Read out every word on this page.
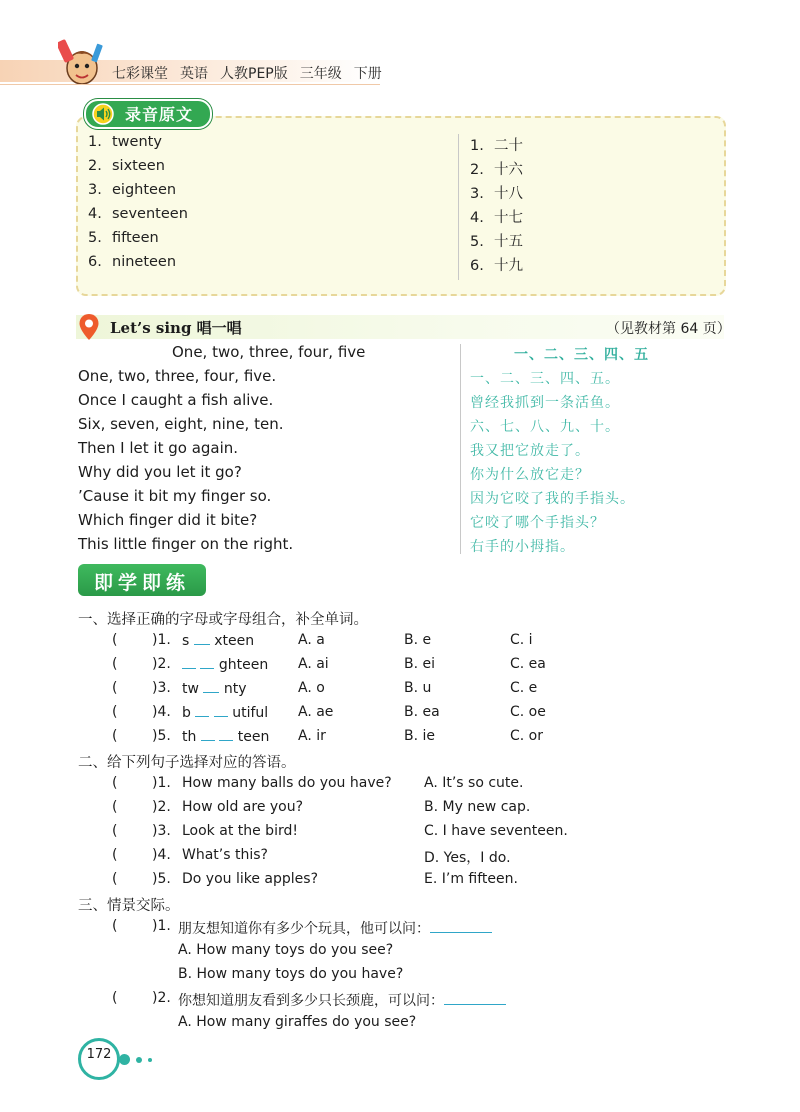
七彩课堂 英语 人教PEP版 三年级 下册
录音原文
1. twenty
2. sixteen
3. eighteen
4. seventeen
5. fifteen
6. nineteen
1. 二十
2. 十六
3. 十八
4. 十七
5. 十五
6. 十九
Let’s sing 唱一唱	（见教材第 64 页）
One, two, three, four, five
One, two, three, four, five.
Once I caught a fish alive.
Six, seven, eight, nine, ten.
Then I let it go again.
Why did you let it go?
’Cause it bit my finger so.
Which finger did it bite?
This little finger on the right.
一、二、三、四、五
一、二、三、四、五。
曾经我抓到一条活鱼。
六、七、八、九、十。
我又把它放走了。
你为什么放它走？
因为它咬了我的手指头。
它咬了哪个手指头？
右手的小拇指。
即学即练
一、选择正确的字母或字母组合，补全单词。
( )1. s xteen	A. a	B. e	C. i
( )2.	ghteen A. ai	B. ei	C. ea
( )3. tw nty	A. o	B. u	C. e
( )4. b	utiful A. ae	B. ea	C. oe
( )5. th	teen A. ir	B. ie	C. or
二、给下列句子选择对应的答语。
( )1. How many balls do you have? A. It’s so cute.
( )2. How old are you?	B. My new cap.
( )3. Look at the bird!	C. I have seventeen.
( )4. What’s this?	D. Yes，I do.
( )5. Do you like apples?	E. I’m fifteen.
三、情景交际。
( )1. 朋友想知道你有多少个玩具，他可以问：
A. How many toys do you see?
B. How many toys do you have?
( )2. 你想知道朋友看到多少只长颈鹿，可以问：
A. How many giraffes do you see?
172
